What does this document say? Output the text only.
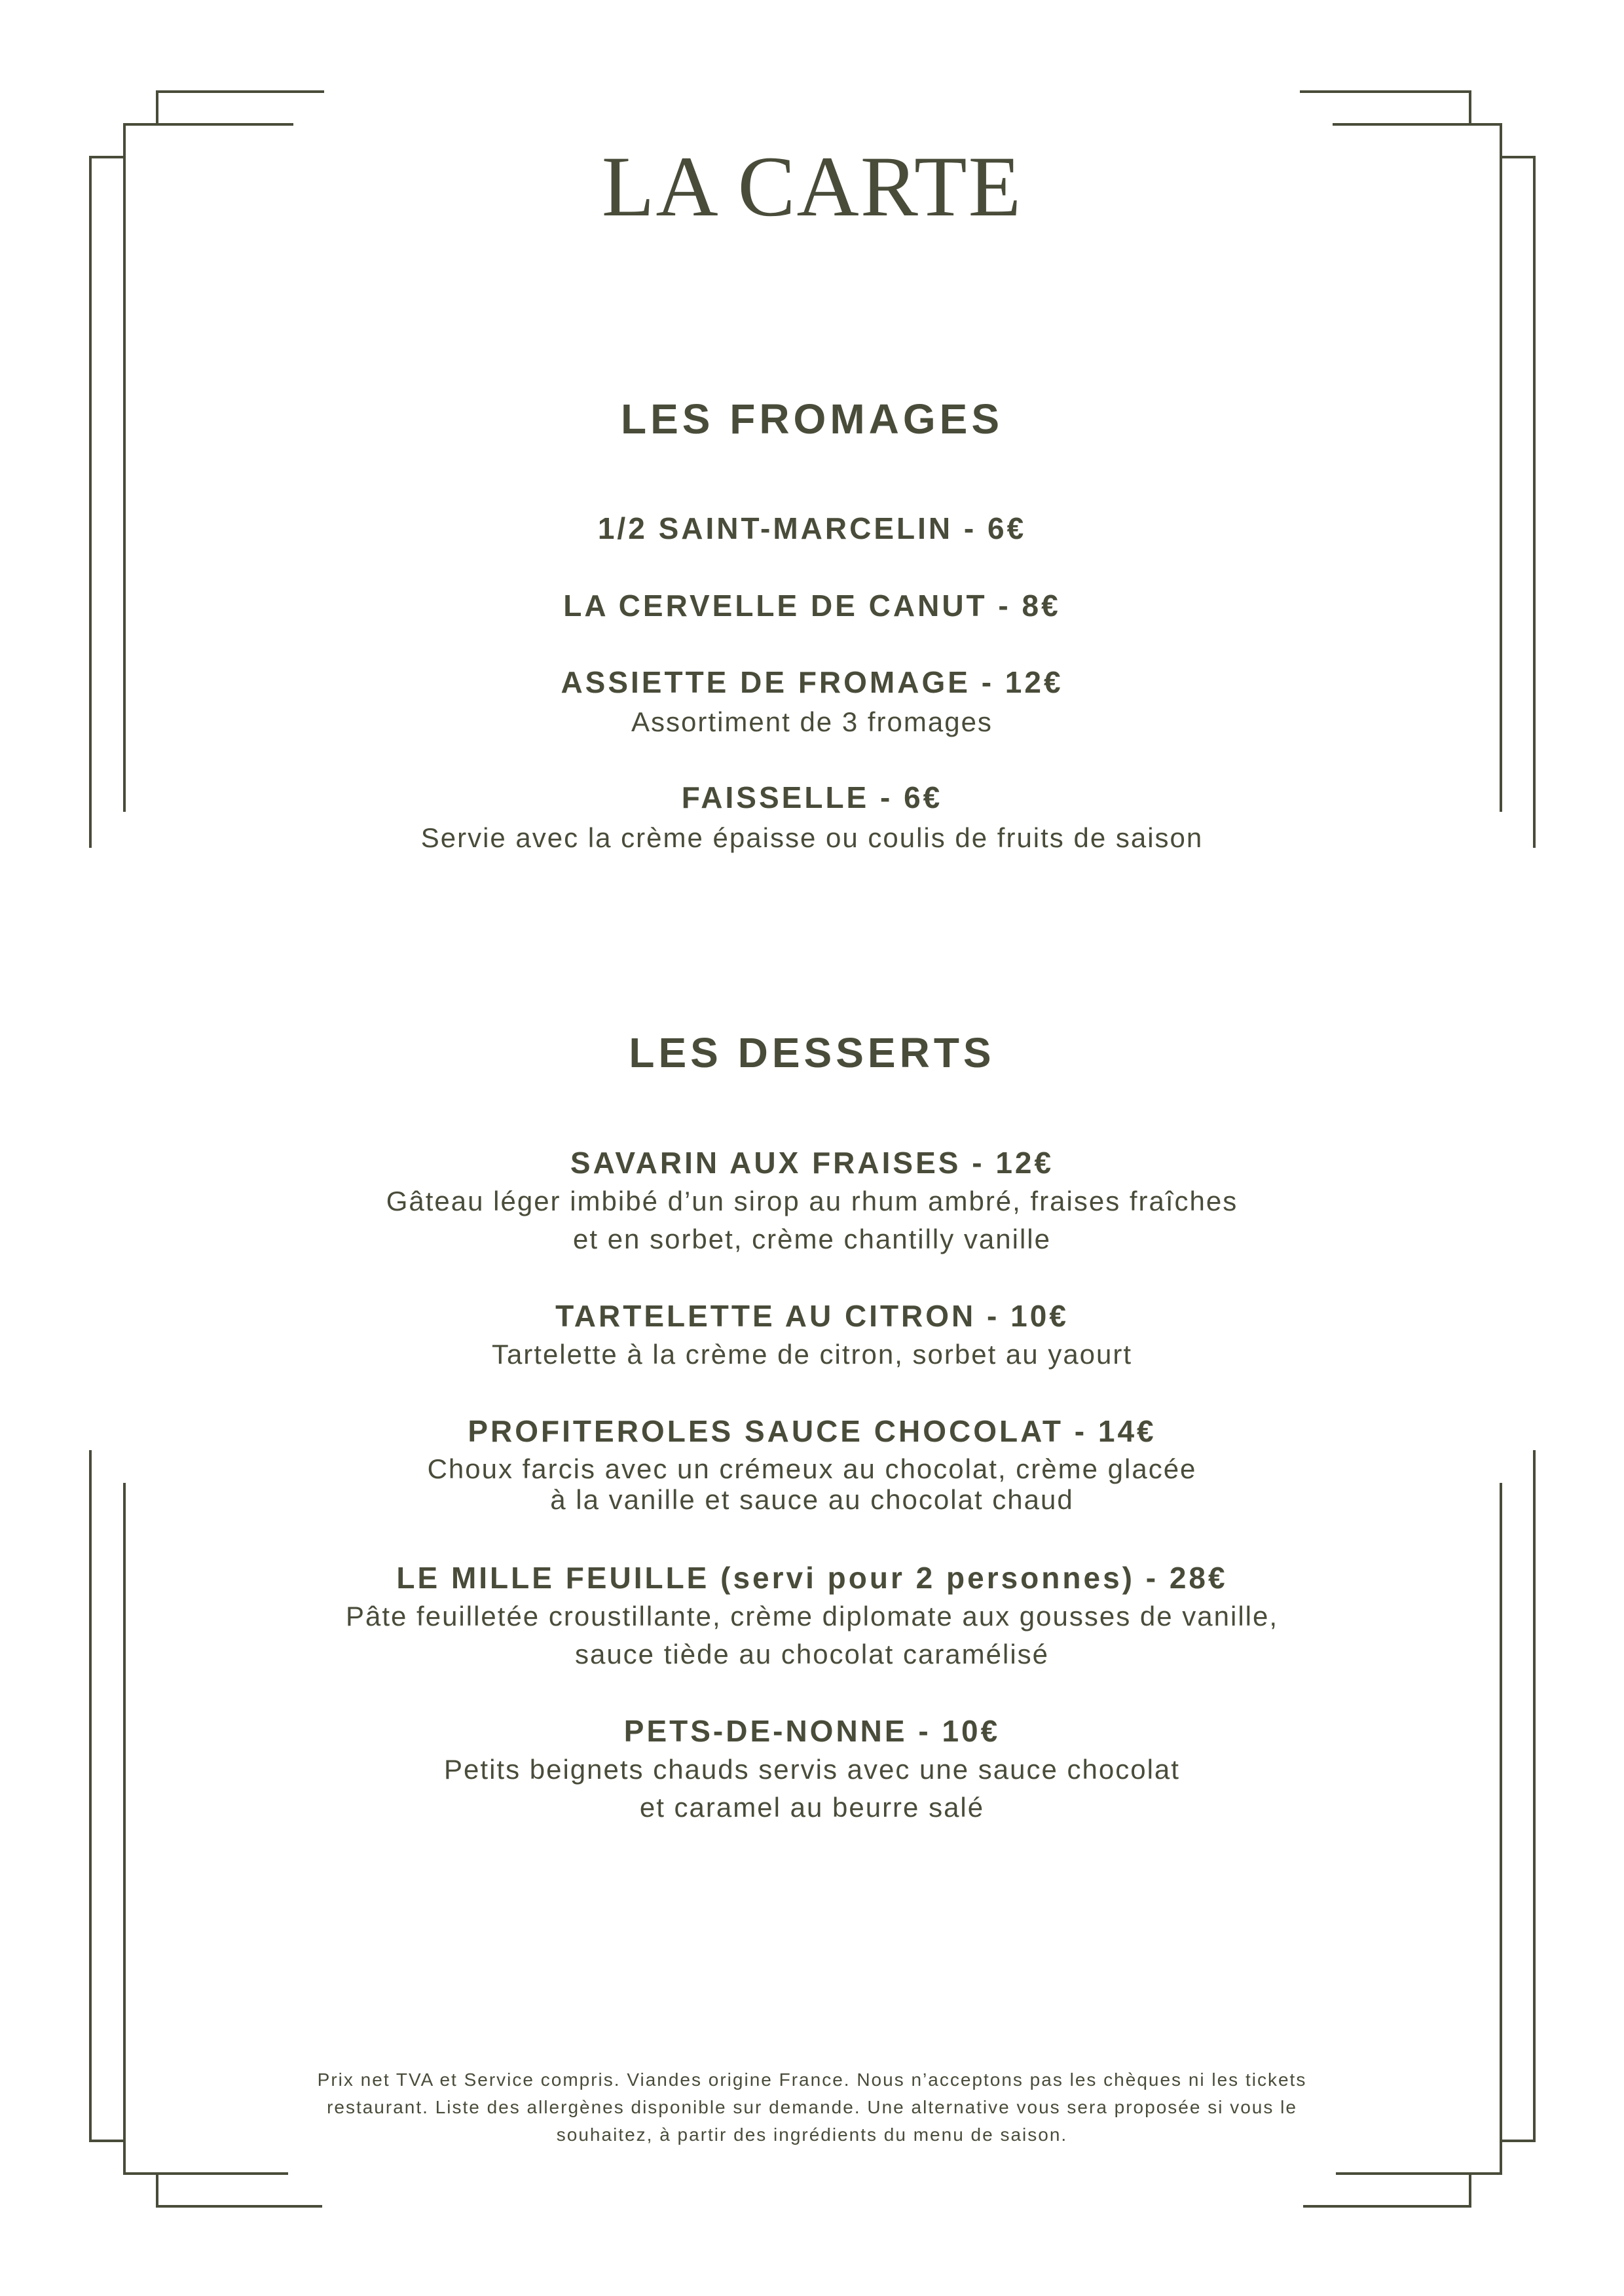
LA CARTE
LES FROMAGES
1/2 SAINT-MARCELIN - 6€
LA CERVELLE DE CANUT - 8€
ASSIETTE DE FROMAGE - 12€
Assortiment de 3 fromages
FAISSELLE - 6€
Servie avec la crème épaisse ou coulis de fruits de saison
LES DESSERTS
SAVARIN AUX FRAISES - 12€
Gâteau léger imbibé d’un sirop au rhum ambré, fraises fraîches
et en sorbet, crème chantilly vanille
TARTELETTE AU CITRON - 10€
Tartelette à la crème de citron, sorbet au yaourt
PROFITEROLES SAUCE CHOCOLAT - 14€
Choux farcis avec un crémeux au chocolat, crème glacée
à la vanille et sauce au chocolat chaud
LE MILLE FEUILLE (servi pour 2 personnes) - 28€
Pâte feuilletée croustillante, crème diplomate aux gousses de vanille,
sauce tiède au chocolat caramélisé
PETS-DE-NONNE - 10€
Petits beignets chauds servis avec une sauce chocolat
et caramel au beurre salé
Prix net TVA et Service compris. Viandes origine France. Nous n’acceptons pas les chèques ni les tickets
restaurant. Liste des allergènes disponible sur demande. Une alternative vous sera proposée si vous le
souhaitez, à partir des ingrédients du menu de saison.
